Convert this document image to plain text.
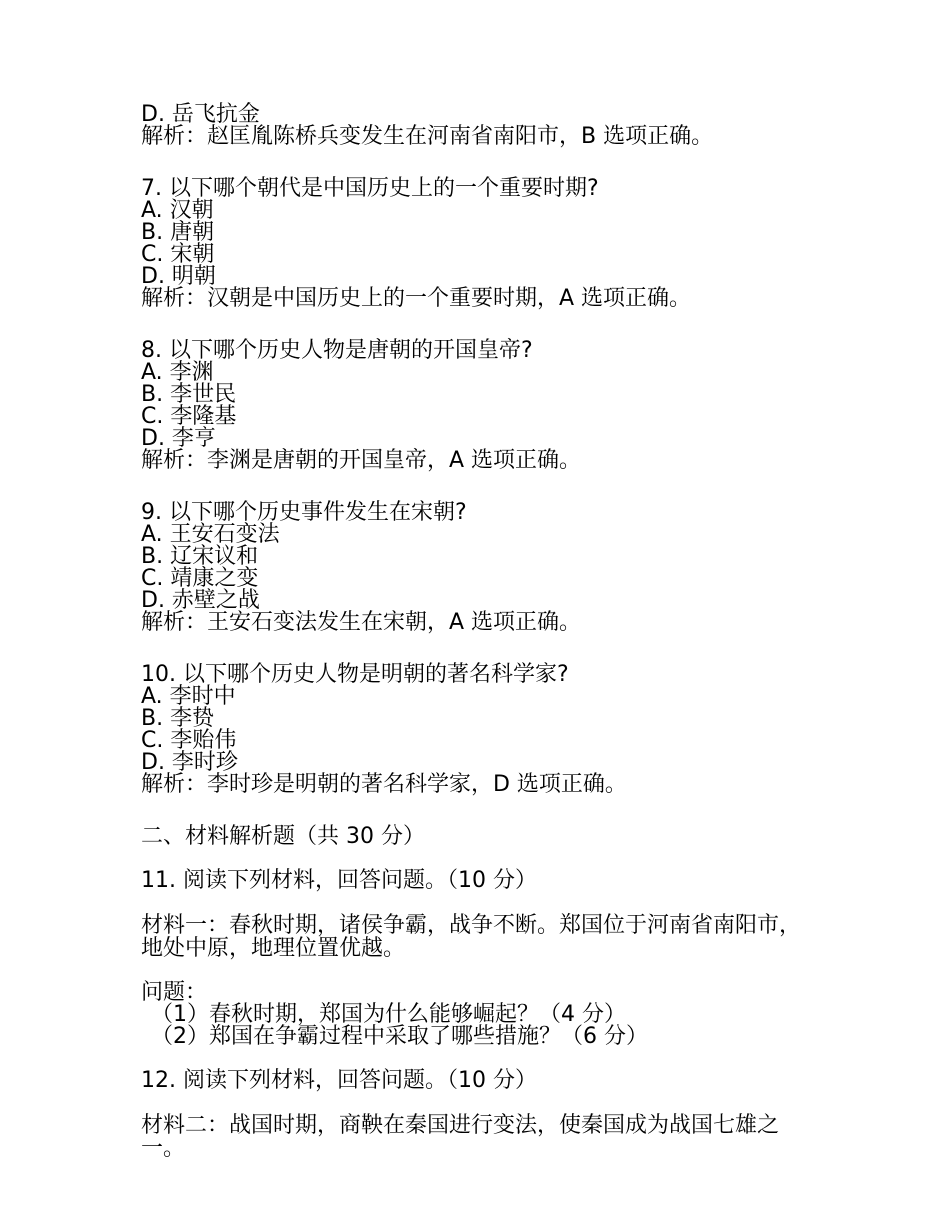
D. 岳飞抗金
解析：赵匡胤陈桥兵变发生在河南省南阳市，B 选项正确。
7. 以下哪个朝代是中国历史上的一个重要时期?
A. 汉朝
B. 唐朝
C. 宋朝
D. 明朝
解析：汉朝是中国历史上的一个重要时期，A 选项正确。
8. 以下哪个历史人物是唐朝的开国皇帝?
A. 李渊
B. 李世民
C. 李隆基
D. 李亨
解析：李渊是唐朝的开国皇帝，A 选项正确。
9. 以下哪个历史事件发生在宋朝?
A. 王安石变法
B. 辽宋议和
C. 靖康之变
D. 赤壁之战
解析：王安石变法发生在宋朝，A 选项正确。
10. 以下哪个历史人物是明朝的著名科学家?
A. 李时中
B. 李贽
C. 李贻伟
D. 李时珍
解析：李时珍是明朝的著名科学家，D 选项正确。
二、材料解析题（共 30 分）
11. 阅读下列材料，回答问题。（10 分）
材料一：春秋时期，诸侯争霸，战争不断。郑国位于河南省南阳市，地处中原，地理位置优越。
问题：
（1）春秋时期，郑国为什么能够崛起？（4 分）
（2）郑国在争霸过程中采取了哪些措施？（6 分）
12. 阅读下列材料，回答问题。（10 分）
材料二：战国时期，商鞅在秦国进行变法，使秦国成为战国七雄之一。
